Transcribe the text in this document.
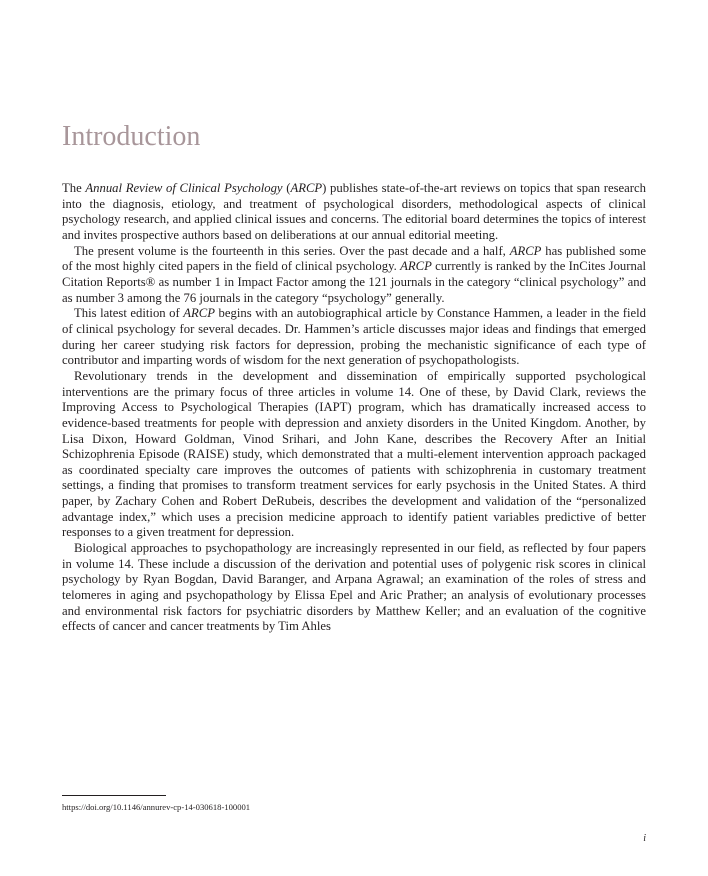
Introduction

The Annual Review of Clinical Psychology (ARCP) publishes state-of-the-art reviews on topics that span research into the diagnosis, etiology, and treatment of psychological disorders, methodological aspects of clinical psychology research, and applied clinical issues and concerns. The editorial board determines the topics of interest and invites prospective authors based on deliberations at our annual editorial meeting.

The present volume is the fourteenth in this series. Over the past decade and a half, ARCP has published some of the most highly cited papers in the field of clinical psychology. ARCP currently is ranked by the InCites Journal Citation Reports® as number 1 in Impact Factor among the 121 journals in the category “clinical psychology” and as number 3 among the 76 journals in the category “psychology” generally.

This latest edition of ARCP begins with an autobiographical article by Constance Hammen, a leader in the field of clinical psychology for several decades. Dr. Hammen’s article discusses major ideas and findings that emerged during her career studying risk factors for depression, probing the mechanistic significance of each type of contributor and imparting words of wisdom for the next generation of psychopathologists.

Revolutionary trends in the development and dissemination of empirically supported psychological interventions are the primary focus of three articles in volume 14. One of these, by David Clark, reviews the Improving Access to Psychological Therapies (IAPT) program, which has dramatically increased access to evidence-based treatments for people with depression and anxiety disorders in the United Kingdom. Another, by Lisa Dixon, Howard Goldman, Vinod Srihari, and John Kane, describes the Recovery After an Initial Schizophrenia Episode (RAISE) study, which demonstrated that a multi-element intervention approach packaged as coordinated specialty care improves the outcomes of patients with schizophrenia in customary treatment settings, a finding that promises to transform treatment services for early psychosis in the United States. A third paper, by Zachary Cohen and Robert DeRubeis, describes the development and validation of the “personalized advantage index,” which uses a precision medicine approach to identify patient variables predictive of better responses to a given treatment for depression.

Biological approaches to psychopathology are increasingly represented in our field, as reflected by four papers in volume 14. These include a discussion of the derivation and potential uses of polygenic risk scores in clinical psychology by Ryan Bogdan, David Baranger, and Arpana Agrawal; an examination of the roles of stress and telomeres in aging and psychopathology by Elissa Epel and Aric Prather; an analysis of evolutionary processes and environmental risk factors for psychiatric disorders by Matthew Keller; and an evaluation of the cognitive effects of cancer and cancer treatments by Tim Ahles

https://doi.org/10.1146/annurev-cp-14-030618-100001
i
